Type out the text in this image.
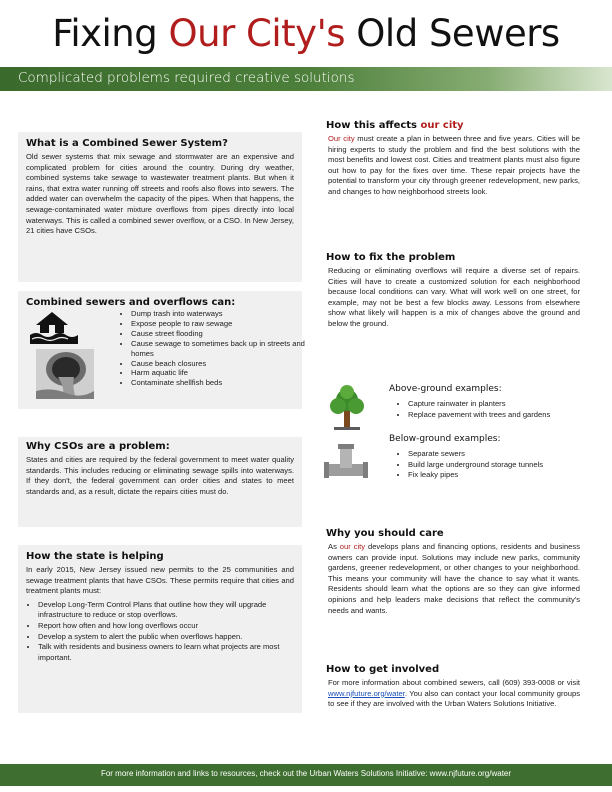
Fixing Our City's Old Sewers
Complicated problems required creative solutions

What is a Combined Sewer System?

Old sewer systems that mix sewage and stormwater are an expensive and complicated problem for cities around the country. During dry weather, combined systems take sewage to wastewater treatment plants. But when it rains, that extra water running off streets and roofs also flows into sewers. The added water can overwhelm the capacity of the pipes. When that happens, the sewage-contaminated water mixture overflows from pipes directly into local waterways. This is called a combined sewer overflow, or a CSO. In New Jersey, 21 cities have CSOs.

Combined sewers and overflows can:

• Dump trash into waterways
• Expose people to raw sewage
• Cause street flooding
• Cause sewage to sometimes back up in streets and homes
• Cause beach closures
• Harm aquatic life
• Contaminate shellfish beds

Why CSOs are a problem:

States and cities are required by the federal government to meet water quality standards. This includes reducing or eliminating sewage spills into waterways. If they don't, the federal government can order cities and states to meet standards and, as a result, dictate the repairs cities must do.

How the state is helping

In early 2015, New Jersey issued new permits to the 25 communities and sewage treatment plants that have CSOs. These permits require that cities and treatment plants must:

• Develop Long-Term Control Plans that outline how they will upgrade infrastructure to reduce or stop overflows.
• Report how often and how long overflows occur
• Develop a system to alert the public when overflows happen.
• Talk with residents and business owners to learn what projects are most important.

How this affects our city

Our city must create a plan in between three and five years. Cities will be hiring experts to study the problem and find the best solutions with the most benefits and lowest cost. Cities and treatment plants must also figure out how to pay for the fixes over time. These repair projects have the potential to transform your city through greener redevelopment, new parks, and changes to how neighborhood streets look.

How to fix the problem

Reducing or eliminating overflows will require a diverse set of repairs. Cities will have to create a customized solution for each neighborhood because local conditions can vary. What will work well on one street, for example, may not be best a few blocks away. Lessons from elsewhere show what likely will happen is a mix of changes above the ground and below the ground.

Above-ground examples:

• Capture rainwater in planters
• Replace pavement with trees and gardens

Below-ground examples:

• Separate sewers
• Build large underground storage tunnels
• Fix leaky pipes

Why you should care

As our city develops plans and financing options, residents and business owners can provide input. Solutions may include new parks, community gardens, greener redevelopment, or other changes to your neighborhood. This means your community will have the chance to say what it wants. Residents should learn what the options are so they can give informed opinions and help leaders make decisions that reflect the community's needs and wants.

How to get involved

For more information about combined sewers, call (609) 393-0008 or visit www.njfuture.org/water. You also can contact your local community groups to see if they are involved with the Urban Waters Solutions Initiative.

For more information and links to resources, check out the Urban Waters Solutions Initiative: www.njfuture.org/water
